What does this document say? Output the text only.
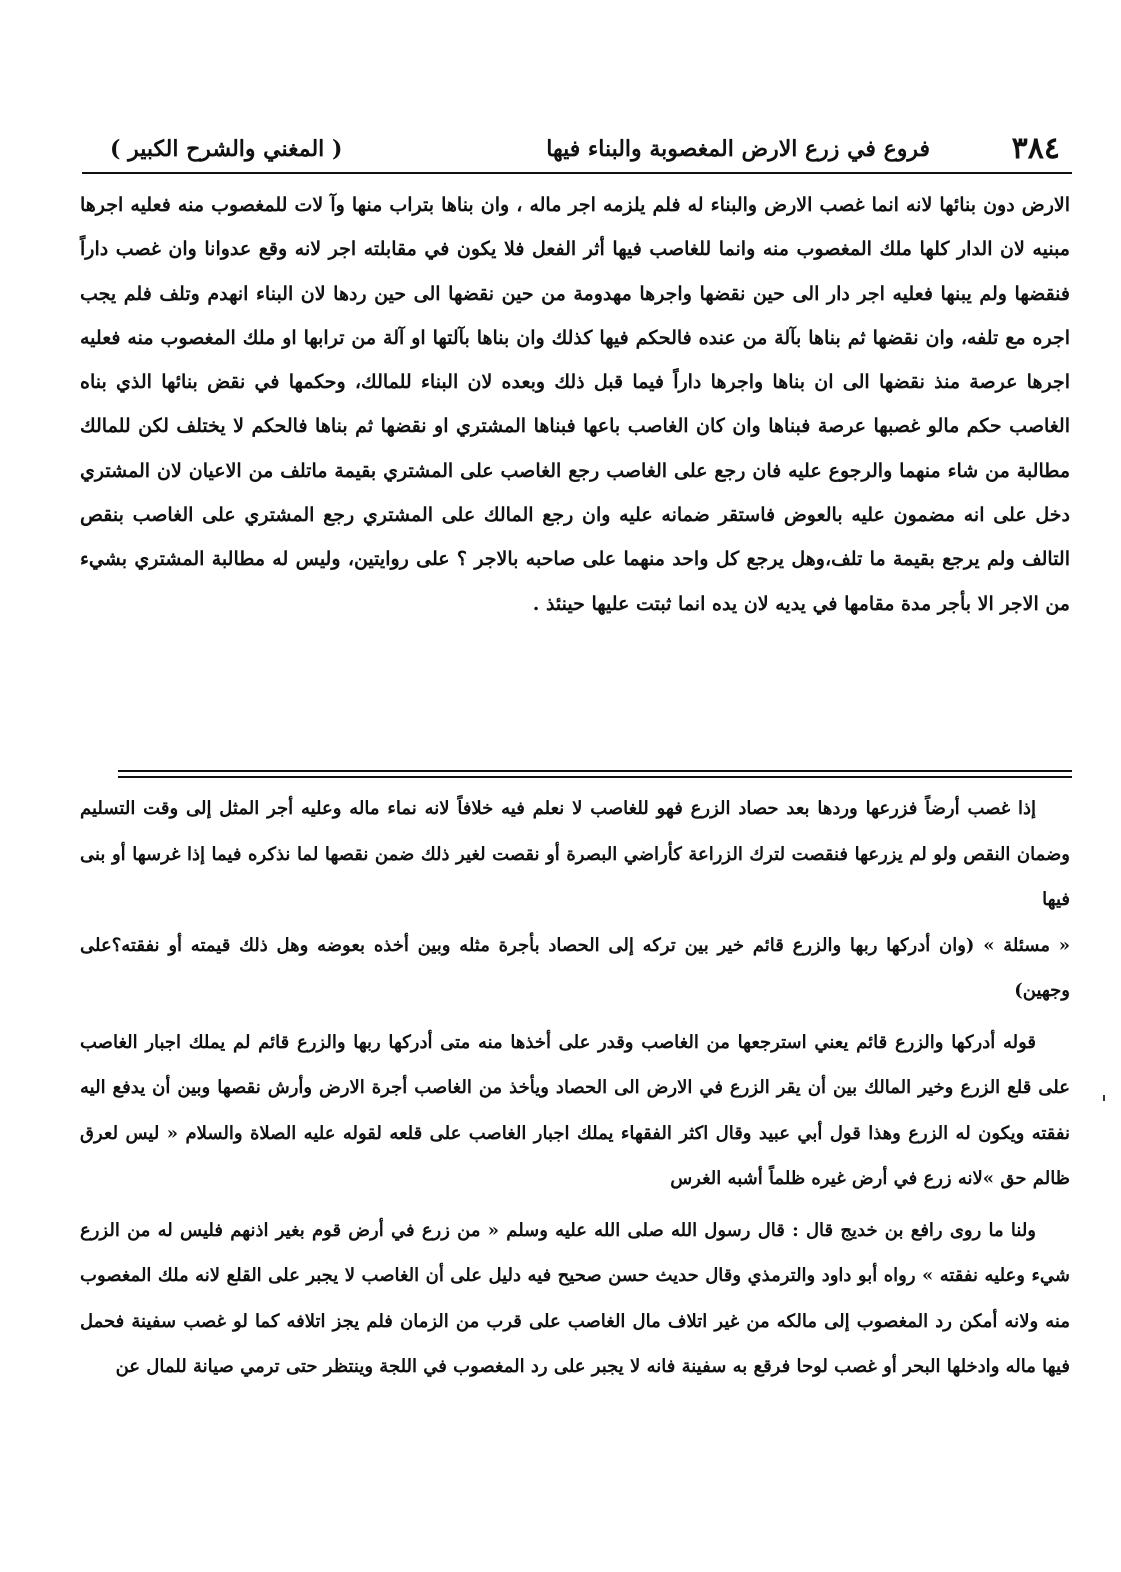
٣٨٤
فروع في زرع الارض المغصوبة والبناء فيها
( المغني والشرح الكبير )

الارض دون بنائها لانه انما غصب الارض والبناء له فلم يلزمه اجر ماله ، وان بناها بتراب منها وآ لات للمغصوب منه فعليه اجرها مبنيه لان الدار كلها ملك المغصوب منه وانما للغاصب فيها أثر الفعل فلا يكون في مقابلته اجر لانه وقع عدوانا وان غصب داراً فنقضها ولم يبنها فعليه اجر دار الى حين نقضها واجرها مهدومة من حين نقضها الى حين ردها لان البناء انهدم وتلف فلم يجب اجره مع تلفه، وان نقضها ثم بناها بآلة من عنده فالحكم فيها كذلك وان بناها بآلتها او آلة من ترابها او ملك المغصوب منه فعليه اجرها عرصة منذ نقضها الى ان بناها واجرها داراً فيما قبل ذلك وبعده لان البناء للمالك، وحكمها في نقض بنائها الذي بناه الغاصب حكم مالو غصبها عرصة فبناها وان كان الغاصب باعها فبناها المشتري او نقضها ثم بناها فالحكم لا يختلف لكن للمالك مطالبة من شاء منهما والرجوع عليه فان رجع على الغاصب رجع الغاصب على المشتري بقيمة ماتلف من الاعيان لان المشتري دخل على انه مضمون عليه بالعوض فاستقر ضمانه عليه وان رجع المالك على المشتري رجع المشتري على الغاصب بنقص التالف ولم يرجع بقيمة ما تلف،وهل يرجع كل واحد منهما على صاحبه بالاجر ؟ على روايتين، وليس له مطالبة المشتري بشيء من الاجر الا بأجر مدة مقامها في يديه لان يده انما ثبتت عليها حينئذ .

إذا غصب أرضاً فزرعها وردها بعد حصاد الزرع فهو للغاصب لا نعلم فيه خلافاً لانه نماء ماله وعليه أجر المثل إلى وقت التسليم وضمان النقص ولو لم يزرعها فنقصت لترك الزراعة كأراضي البصرة أو نقصت لغير ذلك ضمن نقصها لما نذكره فيما إذا غرسها أو بنى فيها

« مسئلة » (وان أدركها ربها والزرع قائم خير بين تركه إلى الحصاد بأجرة مثله وبين أخذه بعوضه وهل ذلك قيمته أو نفقته؟على وجهين)

قوله أدركها والزرع قائم يعني استرجعها من الغاصب وقدر على أخذها منه متى أدركها ربها والزرع قائم لم يملك اجبار الغاصب على قلع الزرع وخير المالك بين أن يقر الزرع في الارض الى الحصاد ويأخذ من الغاصب أجرة الارض وأرش نقصها وبين أن يدفع اليه نفقته ويكون له الزرع وهذا قول أبي عبيد وقال اكثر الفقهاء يملك اجبار الغاصب على قلعه لقوله عليه الصلاة والسلام « ليس لعرق ظالم حق »لانه زرع في أرض غيره ظلماً أشبه الغرس

ولنا ما روى رافع بن خديج قال : قال رسول الله صلى الله عليه وسلم « من زرع في أرض قوم بغير اذنهم فليس له من الزرع شيء وعليه نفقته » رواه أبو داود والترمذي وقال حديث حسن صحيح فيه دليل على أن الغاصب لا يجبر على القلع لانه ملك المغصوب منه ولانه أمكن رد المغصوب إلى مالكه من غير اتلاف مال الغاصب على قرب من الزمان فلم يجز اتلافه كما لو غصب سفينة فحمل فيها ماله وادخلها البحر أو غصب لوحا فرقع به سفينة فانه لا يجبر على رد المغصوب في اللجة وينتظر حتى ترمي صيانة للمال عن
